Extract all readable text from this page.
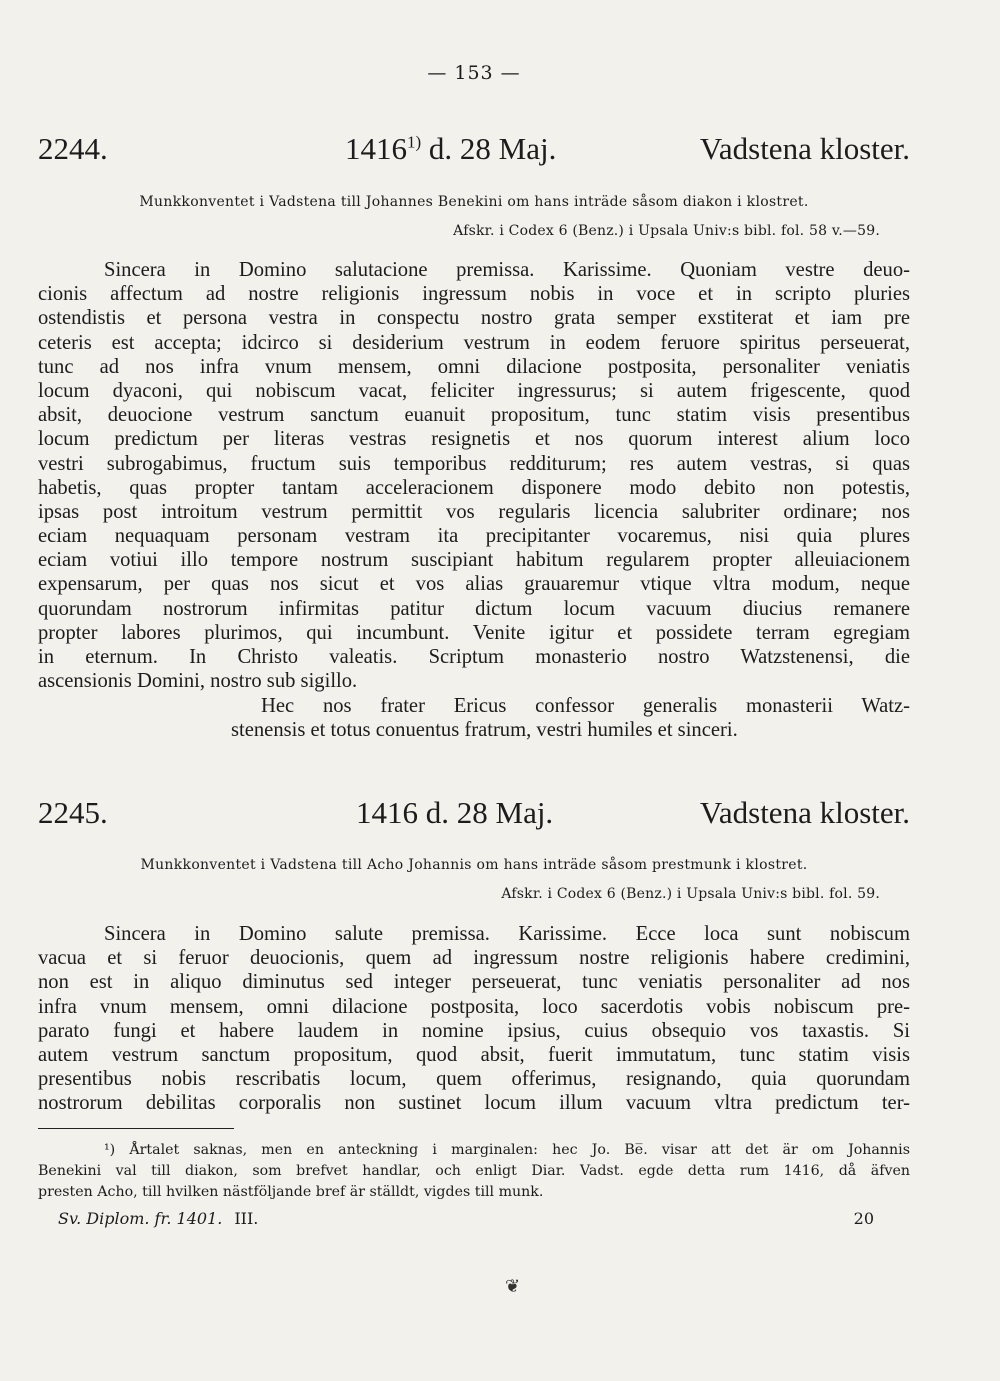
— 153 —
2244.	1416$^{1)}$ d. 28 Maj.	Vadstena kloster.
Munkkonventet i Vadstena till Johannes Benekini om hans inträde såsom diakon i klostret.
Afskr. i Codex 6 (Benz.) i Upsala Univ:s bibl. fol. 58 v.—59.
Sincera in Domino salutacione premissa. Karissime. Quoniam vestre deuo-
cionis affectum ad nostre religionis ingressum nobis in voce et in scripto pluries
ostendistis et persona vestra in conspectu nostro grata semper exstiterat et iam pre
ceteris est accepta; idcirco si desiderium vestrum in eodem feruore spiritus perseuerat,
tunc ad nos infra vnum mensem, omni dilacione postposita, personaliter veniatis
locum dyaconi, qui nobiscum vacat, feliciter ingressurus; si autem frigescente, quod
absit, deuocione vestrum sanctum euanuit propositum, tunc statim visis presentibus
locum predictum per literas vestras resignetis et nos quorum interest alium loco
vestri subrogabimus, fructum suis temporibus redditurum; res autem vestras, si quas
habetis, quas propter tantam acceleracionem disponere modo debito non potestis,
ipsas post introitum vestrum permittit vos regularis licencia salubriter ordinare; nos
eciam nequaquam personam vestram ita precipitanter vocaremus, nisi quia plures
eciam votiui illo tempore nostrum suscipiant habitum regularem propter alleuiacionem
expensarum, per quas nos sicut et vos alias grauaremur vtique vltra modum, neque
quorundam nostrorum infirmitas patitur dictum locum vacuum diucius remanere
propter labores plurimos, qui incumbunt. Venite igitur et possidete terram egregiam
in eternum. In Christo valeatis. Scriptum monasterio nostro Watzstenensi, die
ascensionis Domini, nostro sub sigillo.
Hec nos frater Ericus confessor generalis monasterii Watz-
stenensis et totus conuentus fratrum, vestri humiles et sinceri.
2245.	1416 d. 28 Maj.	Vadstena kloster.
Munkkonventet i Vadstena till Acho Johannis om hans inträde såsom prestmunk i klostret.
Afskr. i Codex 6 (Benz.) i Upsala Univ:s bibl. fol. 59.
Sincera in Domino salute premissa. Karissime. Ecce loca sunt nobiscum
vacua et si feruor deuocionis, quem ad ingressum nostre religionis habere credimini,
non est in aliquo diminutus sed integer perseuerat, tunc veniatis personaliter ad nos
infra vnum mensem, omni dilacione postposita, loco sacerdotis vobis nobiscum pre-
parato fungi et habere laudem in nomine ipsius, cuius obsequio vos taxastis. Si
autem vestrum sanctum propositum, quod absit, fuerit immutatum, tunc statim visis
presentibus nobis rescribatis locum, quem offerimus, resignando, quia quorundam
nostrorum debilitas corporalis non sustinet locum illum vacuum vltra predictum ter-
¹) Årtalet saknas, men en anteckning i marginalen: hec Jo. Be̅. visar att det är om Johannis
Benekini val till diakon, som brefvet handlar, och enligt Diar. Vadst. egde detta rum 1416, då äfven
presten Acho, till hvilken nästföljande bref är ställdt, vigdes till munk.
Sv. Diplom. fr. 1401. III.	20
❦
